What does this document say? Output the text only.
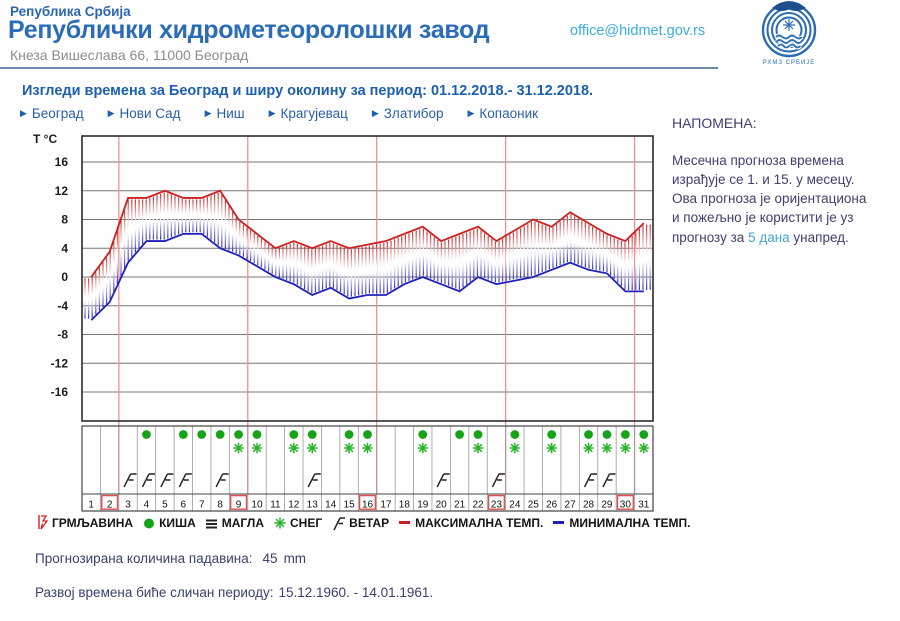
Република Србија
Републички хидрометеоролошки завод
Кнеза Вишеслава 66, 11000 Београд
office@hidmet.gov.rs
РХМЗ СРБИЈЕ
Изгледи времена за Београд и ширу околину за период: 01.12.2018.- 31.12.2018.
▶ Београд	▶ Нови Сад	▶ Ниш	▶ Крагујевац	▶ Златибор	▶ Копаоник
16
12
8
4
0
-4
-8
-12
-16
Т °С
1 2 3 4 5 6 7 8 9 10 11 12 13 14 15 16 17 18 19 20 21 22 23 24 25 26 27 28 29 30 31
ГРМЉАВИНА КИША МАГЛА СНЕГ ВЕТАР МАКСИМАЛНА ТЕМП. МИНИМАЛНА ТЕМП.
НАПОМЕНА:

Месечна прогноза времена израђује се 1. и 15. у месецу. Ова прогноза је оријентациона и пожељно је користити је уз прогнозу за 5 дана унапред.

Прогнозирана количина падавина: 45 mm
Развој времена биће сличан периоду: 15.12.1960. - 14.01.1961.
